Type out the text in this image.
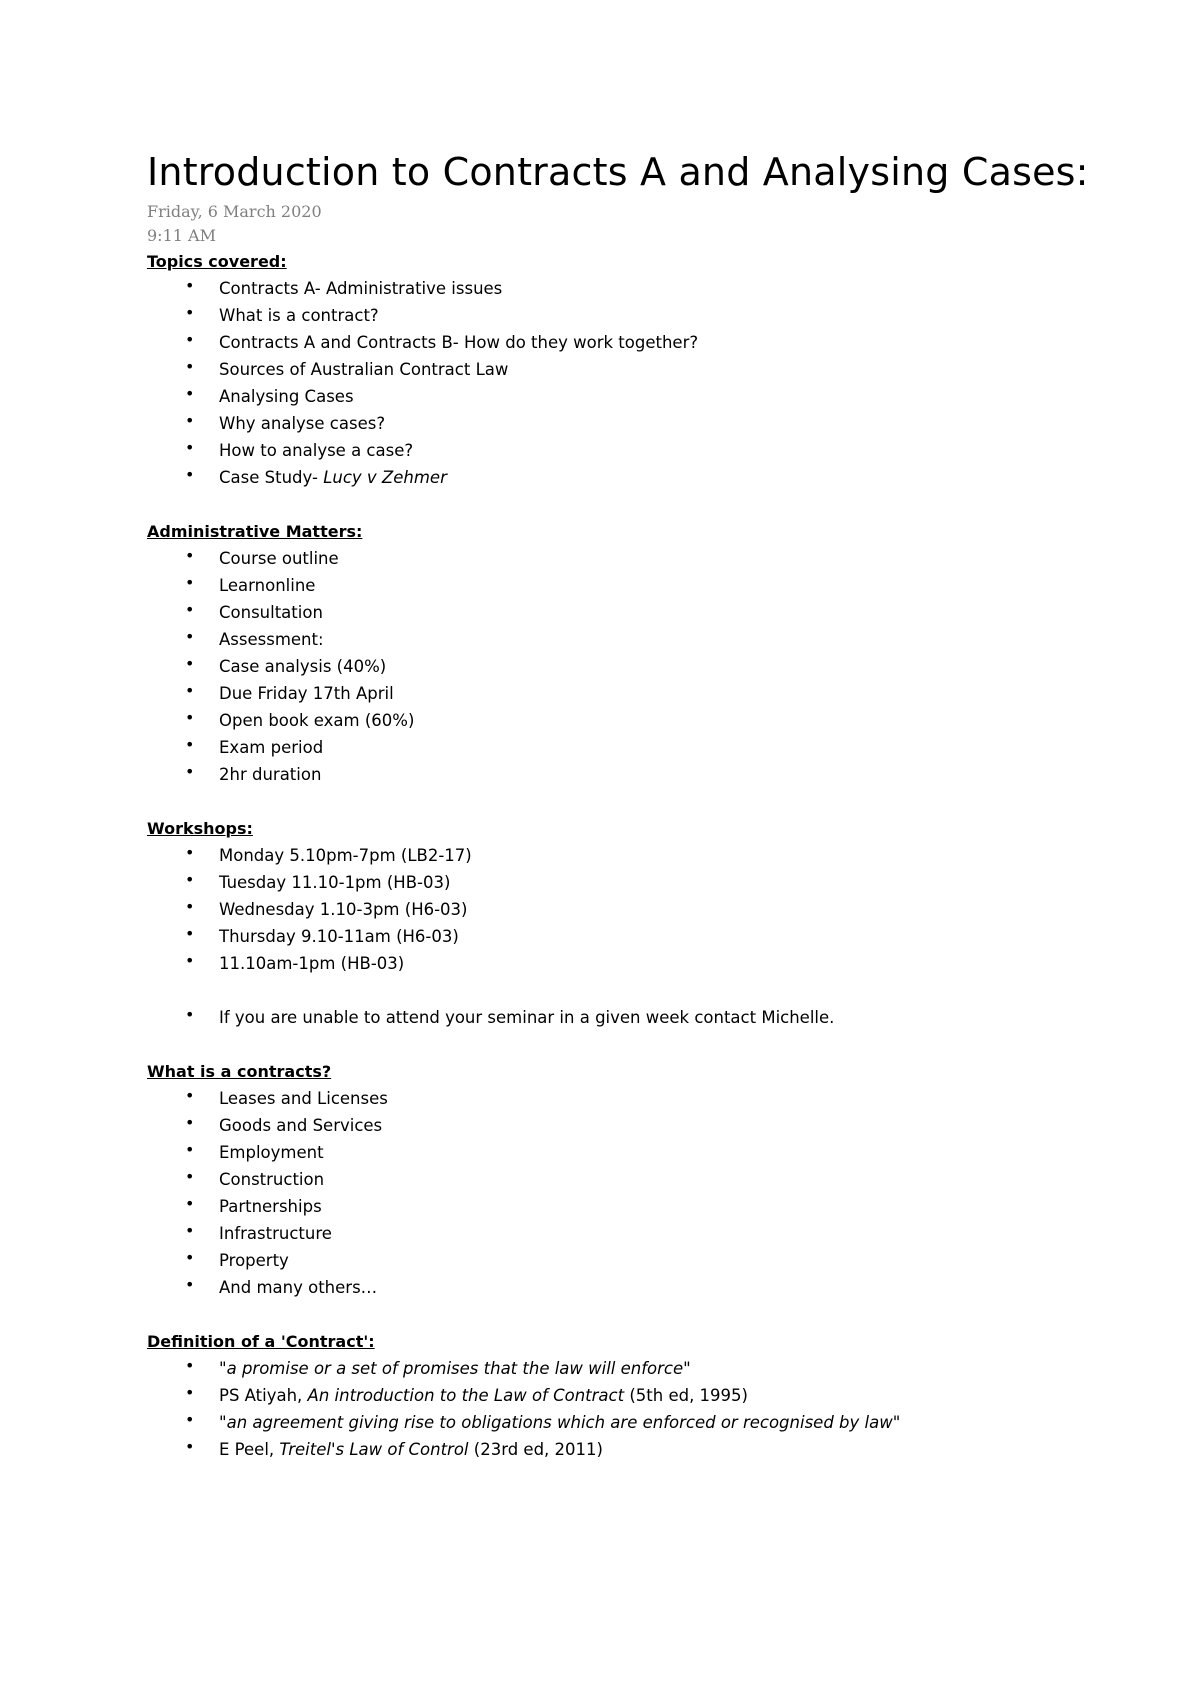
Introduction to Contracts A and Analysing Cases:
Friday, 6 March 2020
9:11 AM
Topics covered:
• Contracts A- Administrative issues
• What is a contract?
• Contracts A and Contracts B- How do they work together?
• Sources of Australian Contract Law
• Analysing Cases
• Why analyse cases?
• How to analyse a case?
• Case Study- Lucy v Zehmer
Administrative Matters:
• Course outline
• Learnonline
• Consultation
• Assessment:
• Case analysis (40%)
• Due Friday 17th April
• Open book exam (60%)
• Exam period
• 2hr duration
Workshops:
• Monday 5.10pm-7pm (LB2-17)
• Tuesday 11.10-1pm (HB-03)
• Wednesday 1.10-3pm (H6-03)
• Thursday 9.10-11am (H6-03)
• 11.10am-1pm (HB-03)
• If you are unable to attend your seminar in a given week contact Michelle.
What is a contracts?
• Leases and Licenses
• Goods and Services
• Employment
• Construction
• Partnerships
• Infrastructure
• Property
• And many others…
Definition of a 'Contract':
• "a promise or a set of promises that the law will enforce"
• PS Atiyah, An introduction to the Law of Contract (5th ed, 1995)
• "an agreement giving rise to obligations which are enforced or recognised by law"
• E Peel, Treitel's Law of Control (23rd ed, 2011)
